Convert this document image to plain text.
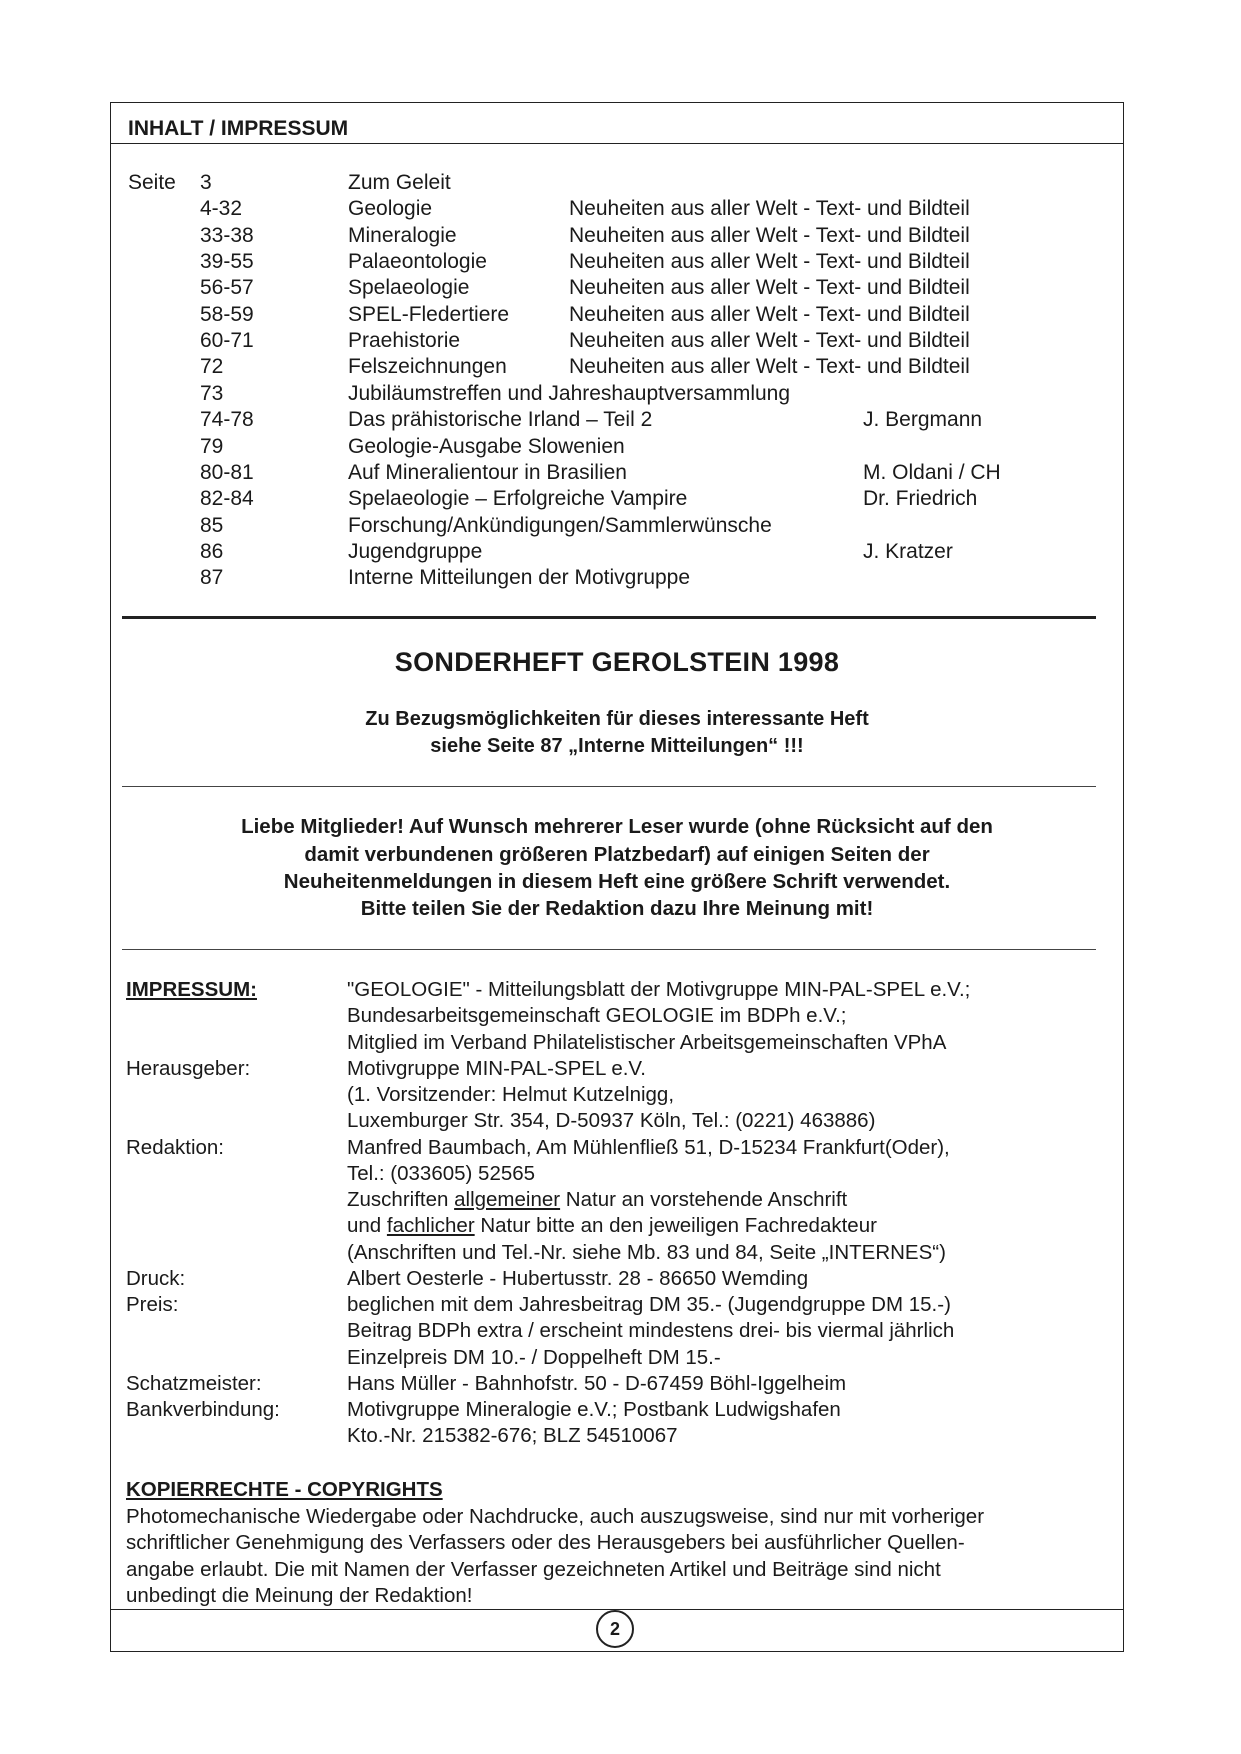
INHALT / IMPRESSUM
Seite 3	Zum Geleit
4-32	Geologie	Neuheiten aus aller Welt - Text- und Bildteil
33-38	Mineralogie	Neuheiten aus aller Welt - Text- und Bildteil
39-55	Palaeontologie	Neuheiten aus aller Welt - Text- und Bildteil
56-57	Spelaeologie	Neuheiten aus aller Welt - Text- und Bildteil
58-59	SPEL-Fledertiere	Neuheiten aus aller Welt - Text- und Bildteil
60-71	Praehistorie	Neuheiten aus aller Welt - Text- und Bildteil
72	Felszeichnungen	Neuheiten aus aller Welt - Text- und Bildteil
73	Jubiläumstreffen und Jahreshauptversammlung
74-78	Das prähistorische Irland – Teil 2	J. Bergmann
79	Geologie-Ausgabe Slowenien
80-81	Auf Mineralientour in Brasilien	M. Oldani / CH
82-84	Spelaeologie – Erfolgreiche Vampire	Dr. Friedrich
85	Forschung/Ankündigungen/Sammlerwünsche
86	Jugendgruppe	J. Kratzer
87	Interne Mitteilungen der Motivgruppe
SONDERHEFT GEROLSTEIN 1998
Zu Bezugsmöglichkeiten für dieses interessante Heft
siehe Seite 87 „Interne Mitteilungen“ !!!
Liebe Mitglieder! Auf Wunsch mehrerer Leser wurde (ohne Rücksicht auf den
damit verbundenen größeren Platzbedarf) auf einigen Seiten der
Neuheitenmeldungen in diesem Heft eine größere Schrift verwendet.
Bitte teilen Sie der Redaktion dazu Ihre Meinung mit!
IMPRESSUM:	"GEOLOGIE" - Mitteilungsblatt der Motivgruppe MIN-PAL-SPEL e.V.;
Bundesarbeitsgemeinschaft GEOLOGIE im BDPh e.V.;
Mitglied im Verband Philatelistischer Arbeitsgemeinschaften VPhA
Herausgeber:	Motivgruppe MIN-PAL-SPEL e.V.
(1. Vorsitzender: Helmut Kutzelnigg,
Luxemburger Str. 354, D-50937 Köln, Tel.: (0221) 463886)
Redaktion:	Manfred Baumbach, Am Mühlenfließ 51, D-15234 Frankfurt(Oder),
Tel.: (033605) 52565
Zuschriften allgemeiner Natur an vorstehende Anschrift
und fachlicher Natur bitte an den jeweiligen Fachredakteur
(Anschriften und Tel.-Nr. siehe Mb. 83 und 84, Seite „INTERNES“)
Druck:	Albert Oesterle - Hubertusstr. 28 - 86650 Wemding
Preis:	beglichen mit dem Jahresbeitrag DM 35.- (Jugendgruppe DM 15.-)
Beitrag BDPh extra / erscheint mindestens drei- bis viermal jährlich
Einzelpreis DM 10.- / Doppelheft DM 15.-
Schatzmeister:	Hans Müller - Bahnhofstr. 50 - D-67459 Böhl-Iggelheim
Bankverbindung:	Motivgruppe Mineralogie e.V.; Postbank Ludwigshafen
Kto.-Nr. 215382-676; BLZ 54510067
KOPIERRECHTE - COPYRIGHTS
Photomechanische Wiedergabe oder Nachdrucke, auch auszugsweise, sind nur mit vorheriger
schriftlicher Genehmigung des Verfassers oder des Herausgebers bei ausführlicher Quellen-
angabe erlaubt. Die mit Namen der Verfasser gezeichneten Artikel und Beiträge sind nicht
unbedingt die Meinung der Redaktion!
2
